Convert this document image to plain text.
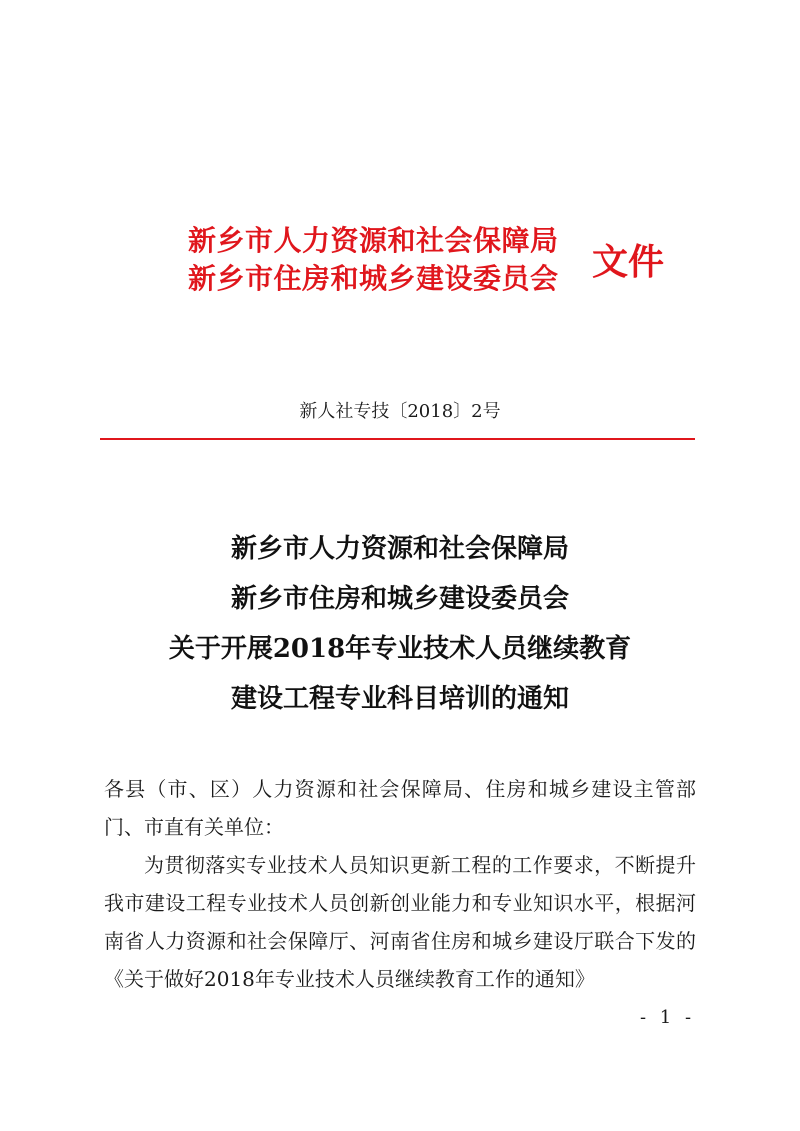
新乡市人力资源和社会保障局
新乡市住房和城乡建设委员会 文件
新人社专技〔2018〕2号
新乡市人力资源和社会保障局
新乡市住房和城乡建设委员会
关于开展2018年专业技术人员继续教育
建设工程专业科目培训的通知
各县（市、区）人力资源和社会保障局、住房和城乡建设主管部门、市直有关单位：
为贯彻落实专业技术人员知识更新工程的工作要求，不断提升我市建设工程专业技术人员创新创业能力和专业知识水平，根据河南省人力资源和社会保障厅、河南省住房和城乡建设厅联合下发的《关于做好2018年专业技术人员继续教育工作的通知》
- 1 -
